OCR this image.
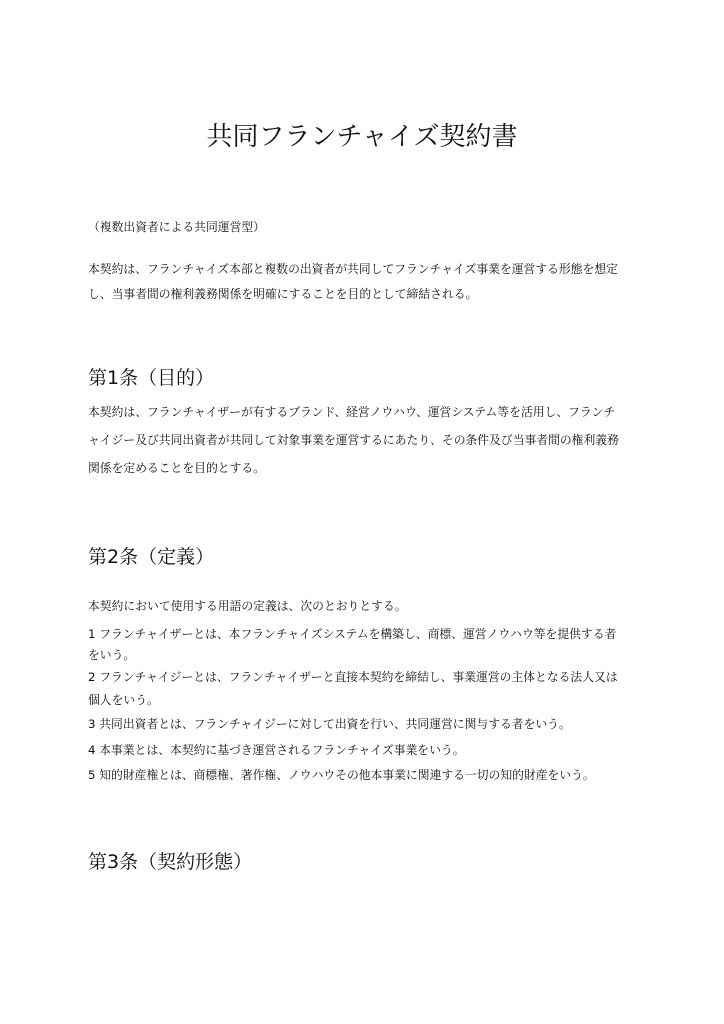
共同フランチャイズ契約書
（複数出資者による共同運営型）
本契約は、フランチャイズ本部と複数の出資者が共同してフランチャイズ事業を運営する形態を想定
し、当事者間の権利義務関係を明確にすることを目的として締結される。
第1条（目的）
本契約は、フランチャイザーが有するブランド、経営ノウハウ、運営システム等を活用し、フランチ
ャイジー及び共同出資者が共同して対象事業を運営するにあたり、その条件及び当事者間の権利義務
関係を定めることを目的とする。
第2条（定義）
本契約において使用する用語の定義は、次のとおりとする。
1 フランチャイザーとは、本フランチャイズシステムを構築し、商標、運営ノウハウ等を提供する者
をいう。
2 フランチャイジーとは、フランチャイザーと直接本契約を締結し、事業運営の主体となる法人又は
個人をいう。
3 共同出資者とは、フランチャイジーに対して出資を行い、共同運営に関与する者をいう。
4 本事業とは、本契約に基づき運営されるフランチャイズ事業をいう。
5 知的財産権とは、商標権、著作権、ノウハウその他本事業に関連する一切の知的財産をいう。
第3条（契約形態）
